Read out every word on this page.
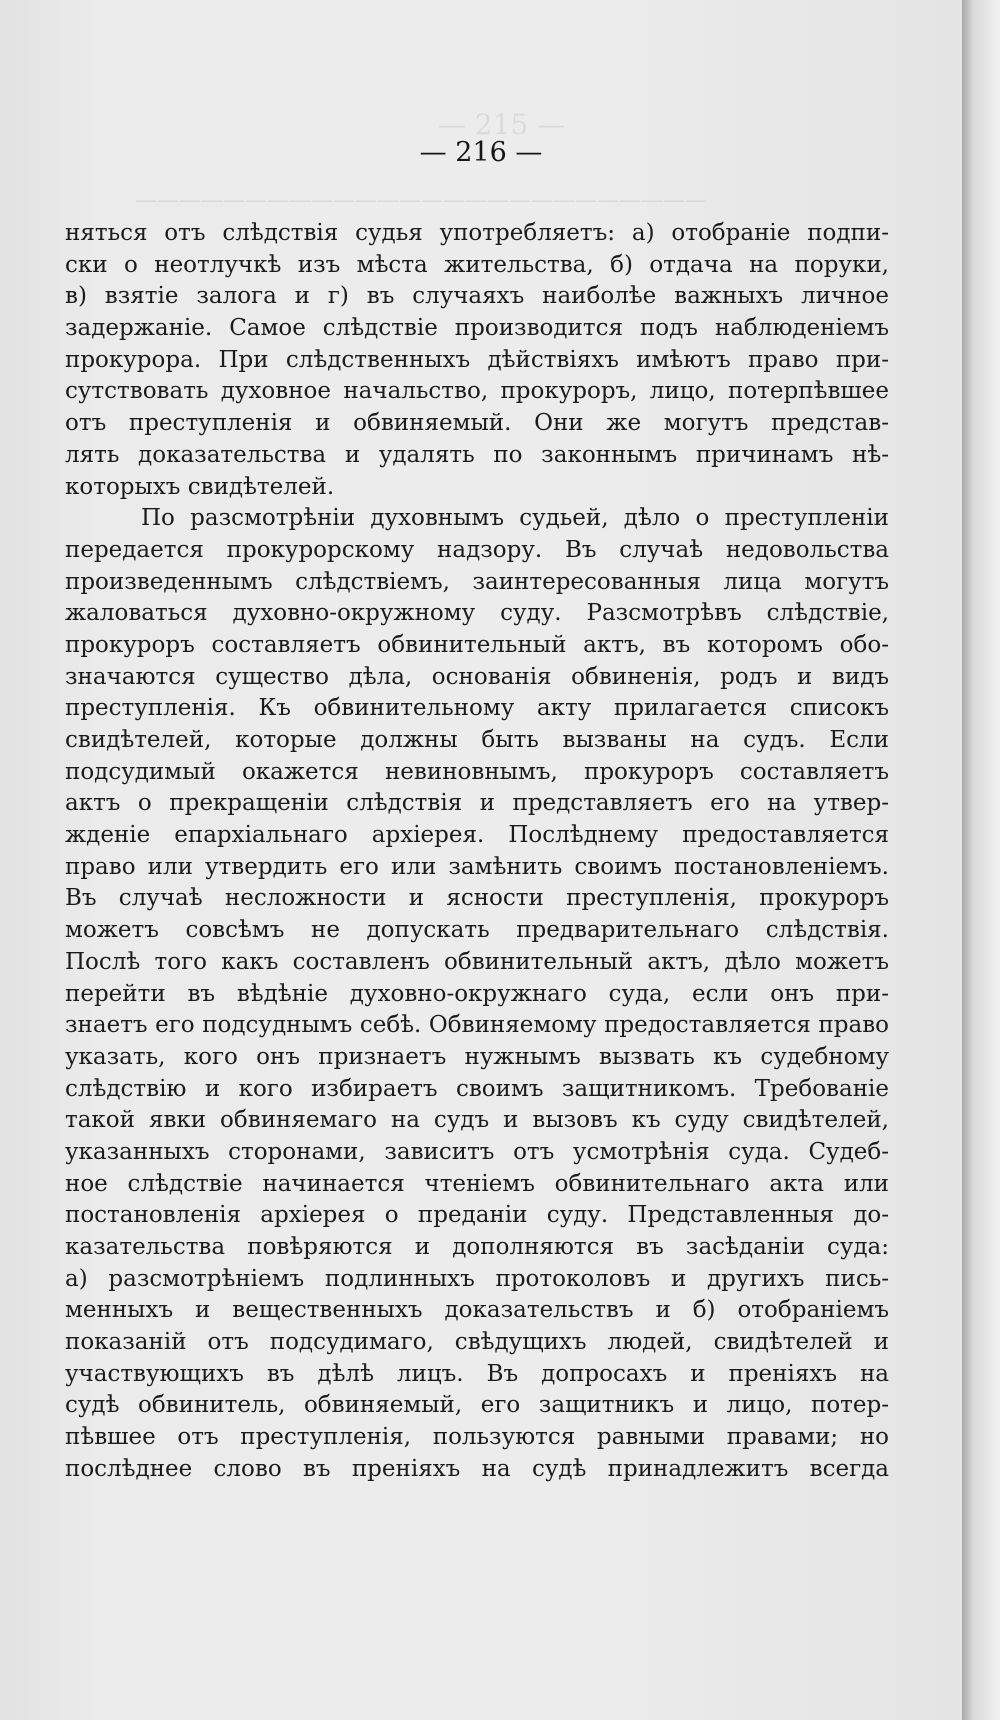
— 215 —
——————————————————————————
— 216 —
няться отъ слѣдствія судья употребляетъ: а) отобраніе подпи-
ски о неотлучкѣ изъ мѣста жительства, б) отдача на поруки,
в) взятіе залога и г) въ случаяхъ наиболѣе важныхъ личное
задержаніе. Самое слѣдствіе производится подъ наблюденіемъ
прокурора. При слѣдственныхъ дѣйствіяхъ имѣютъ право при-
сутствовать духовное начальство, прокуроръ, лицо, потерпѣвшее
отъ преступленія и обвиняемый. Они же могутъ представ-
лять доказательства и удалять по законнымъ причинамъ нѣ-
которыхъ свидѣтелей.
По разсмотрѣніи духовнымъ судьей, дѣло о преступленіи
передается прокурорскому надзору. Въ случаѣ недовольства
произведеннымъ слѣдствіемъ, заинтересованныя лица могутъ
жаловаться духовно-окружному суду. Разсмотрѣвъ слѣдствіе,
прокуроръ составляетъ обвинительный актъ, въ которомъ обо-
значаются существо дѣла, основанія обвиненія, родъ и видъ
преступленія. Къ обвинительному акту прилагается списокъ
свидѣтелей, которые должны быть вызваны на судъ. Если
подсудимый окажется невиновнымъ, прокуроръ составляетъ
актъ о прекращеніи слѣдствія и представляетъ его на утвер-
жденіе епархіальнаго архіерея. Послѣднему предоставляется
право или утвердить его или замѣнить своимъ постановленіемъ.
Въ случаѣ несложности и ясности преступленія, прокуроръ
можетъ совсѣмъ не допускать предварительнаго слѣдствія.
Послѣ того какъ составленъ обвинительный актъ, дѣло можетъ
перейти въ вѣдѣніе духовно-окружнаго суда, если онъ при-
знаетъ его подсуднымъ себѣ. Обвиняемому предоставляется право
указать, кого онъ признаетъ нужнымъ вызвать къ судебному
слѣдствію и кого избираетъ своимъ защитникомъ. Требованіе
такой явки обвиняемаго на судъ и вызовъ къ суду свидѣтелей,
указанныхъ сторонами, зависитъ отъ усмотрѣнія суда. Судеб-
ное слѣдствіе начинается чтеніемъ обвинительнаго акта или
постановленія архіерея о преданіи суду. Представленныя до-
казательства повѣряются и дополняются въ засѣданіи суда:
а) разсмотрѣніемъ подлинныхъ протоколовъ и другихъ пись-
менныхъ и вещественныхъ доказательствъ и б) отобраніемъ
показаній отъ подсудимаго, свѣдущихъ людей, свидѣтелей и
участвующихъ въ дѣлѣ лицъ. Въ допросахъ и преніяхъ на
судѣ обвинитель, обвиняемый, его защитникъ и лицо, потер-
пѣвшее отъ преступленія, пользуются равными правами; но
послѣднее слово въ преніяхъ на судѣ принадлежитъ всегда
